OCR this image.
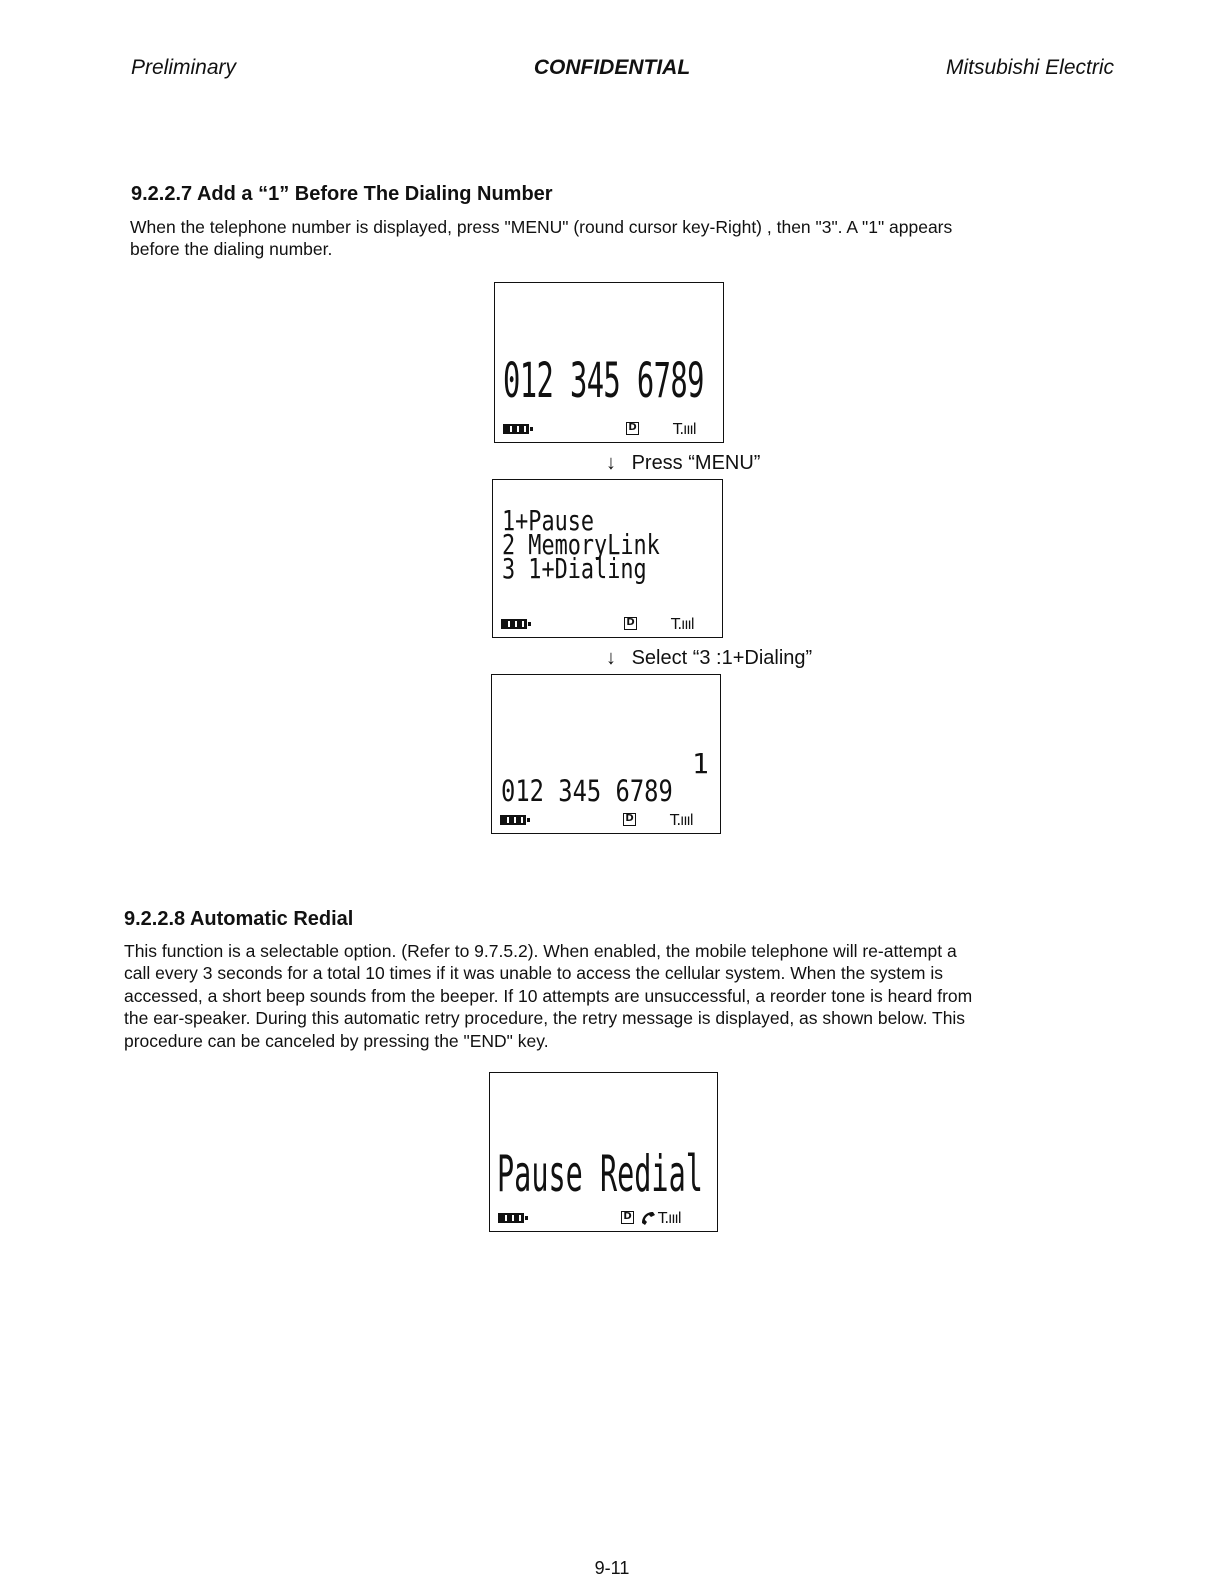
Preliminary	CONFIDENTIAL	Mitsubishi Electric
9.2.2.7 Add a “1” Before The Dialing Number
When the telephone number is displayed, press "MENU" (round cursor key-Right) , then "3". A "1" appears
before the dialing number.
012 345 6789
D T.ıııl
↓ Press “MENU”
1+Pause
2 MemoryLink
3 1+Dialing
D T.ıııl
↓ Select “3 :1+Dialing”
1
012 345 6789
D T.ıııl
9.2.2.8 Automatic Redial
This function is a selectable option. (Refer to 9.7.5.2). When enabled, the mobile telephone will re-attempt a
call every 3 seconds for a total 10 times if it was unable to access the cellular system. When the system is
accessed, a short beep sounds from the beeper. If 10 attempts are unsuccessful, a reorder tone is heard from
the ear-speaker. During this automatic retry procedure, the retry message is displayed, as shown below. This
procedure can be canceled by pressing the "END" key.
Pause Redial
D T.ıııl
9-11
